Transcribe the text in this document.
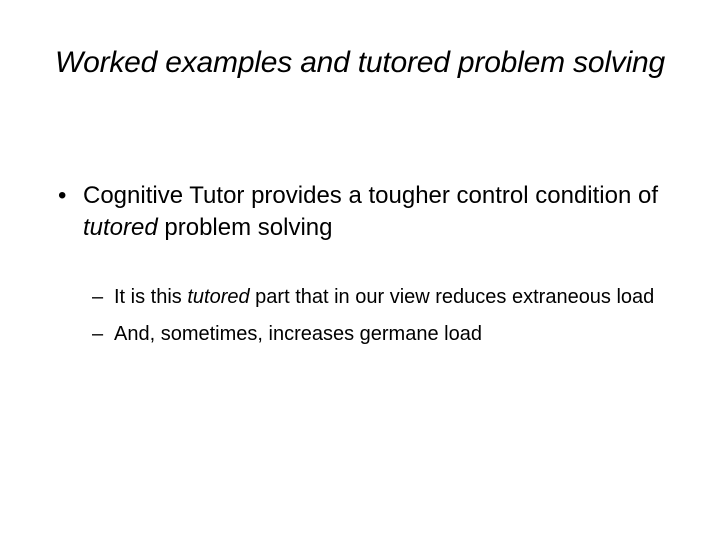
Worked examples and tutored problem solving
• Cognitive Tutor provides a tougher control condition of tutored problem solving
– It is this tutored part that in our view reduces extraneous load
– And, sometimes, increases germane load
